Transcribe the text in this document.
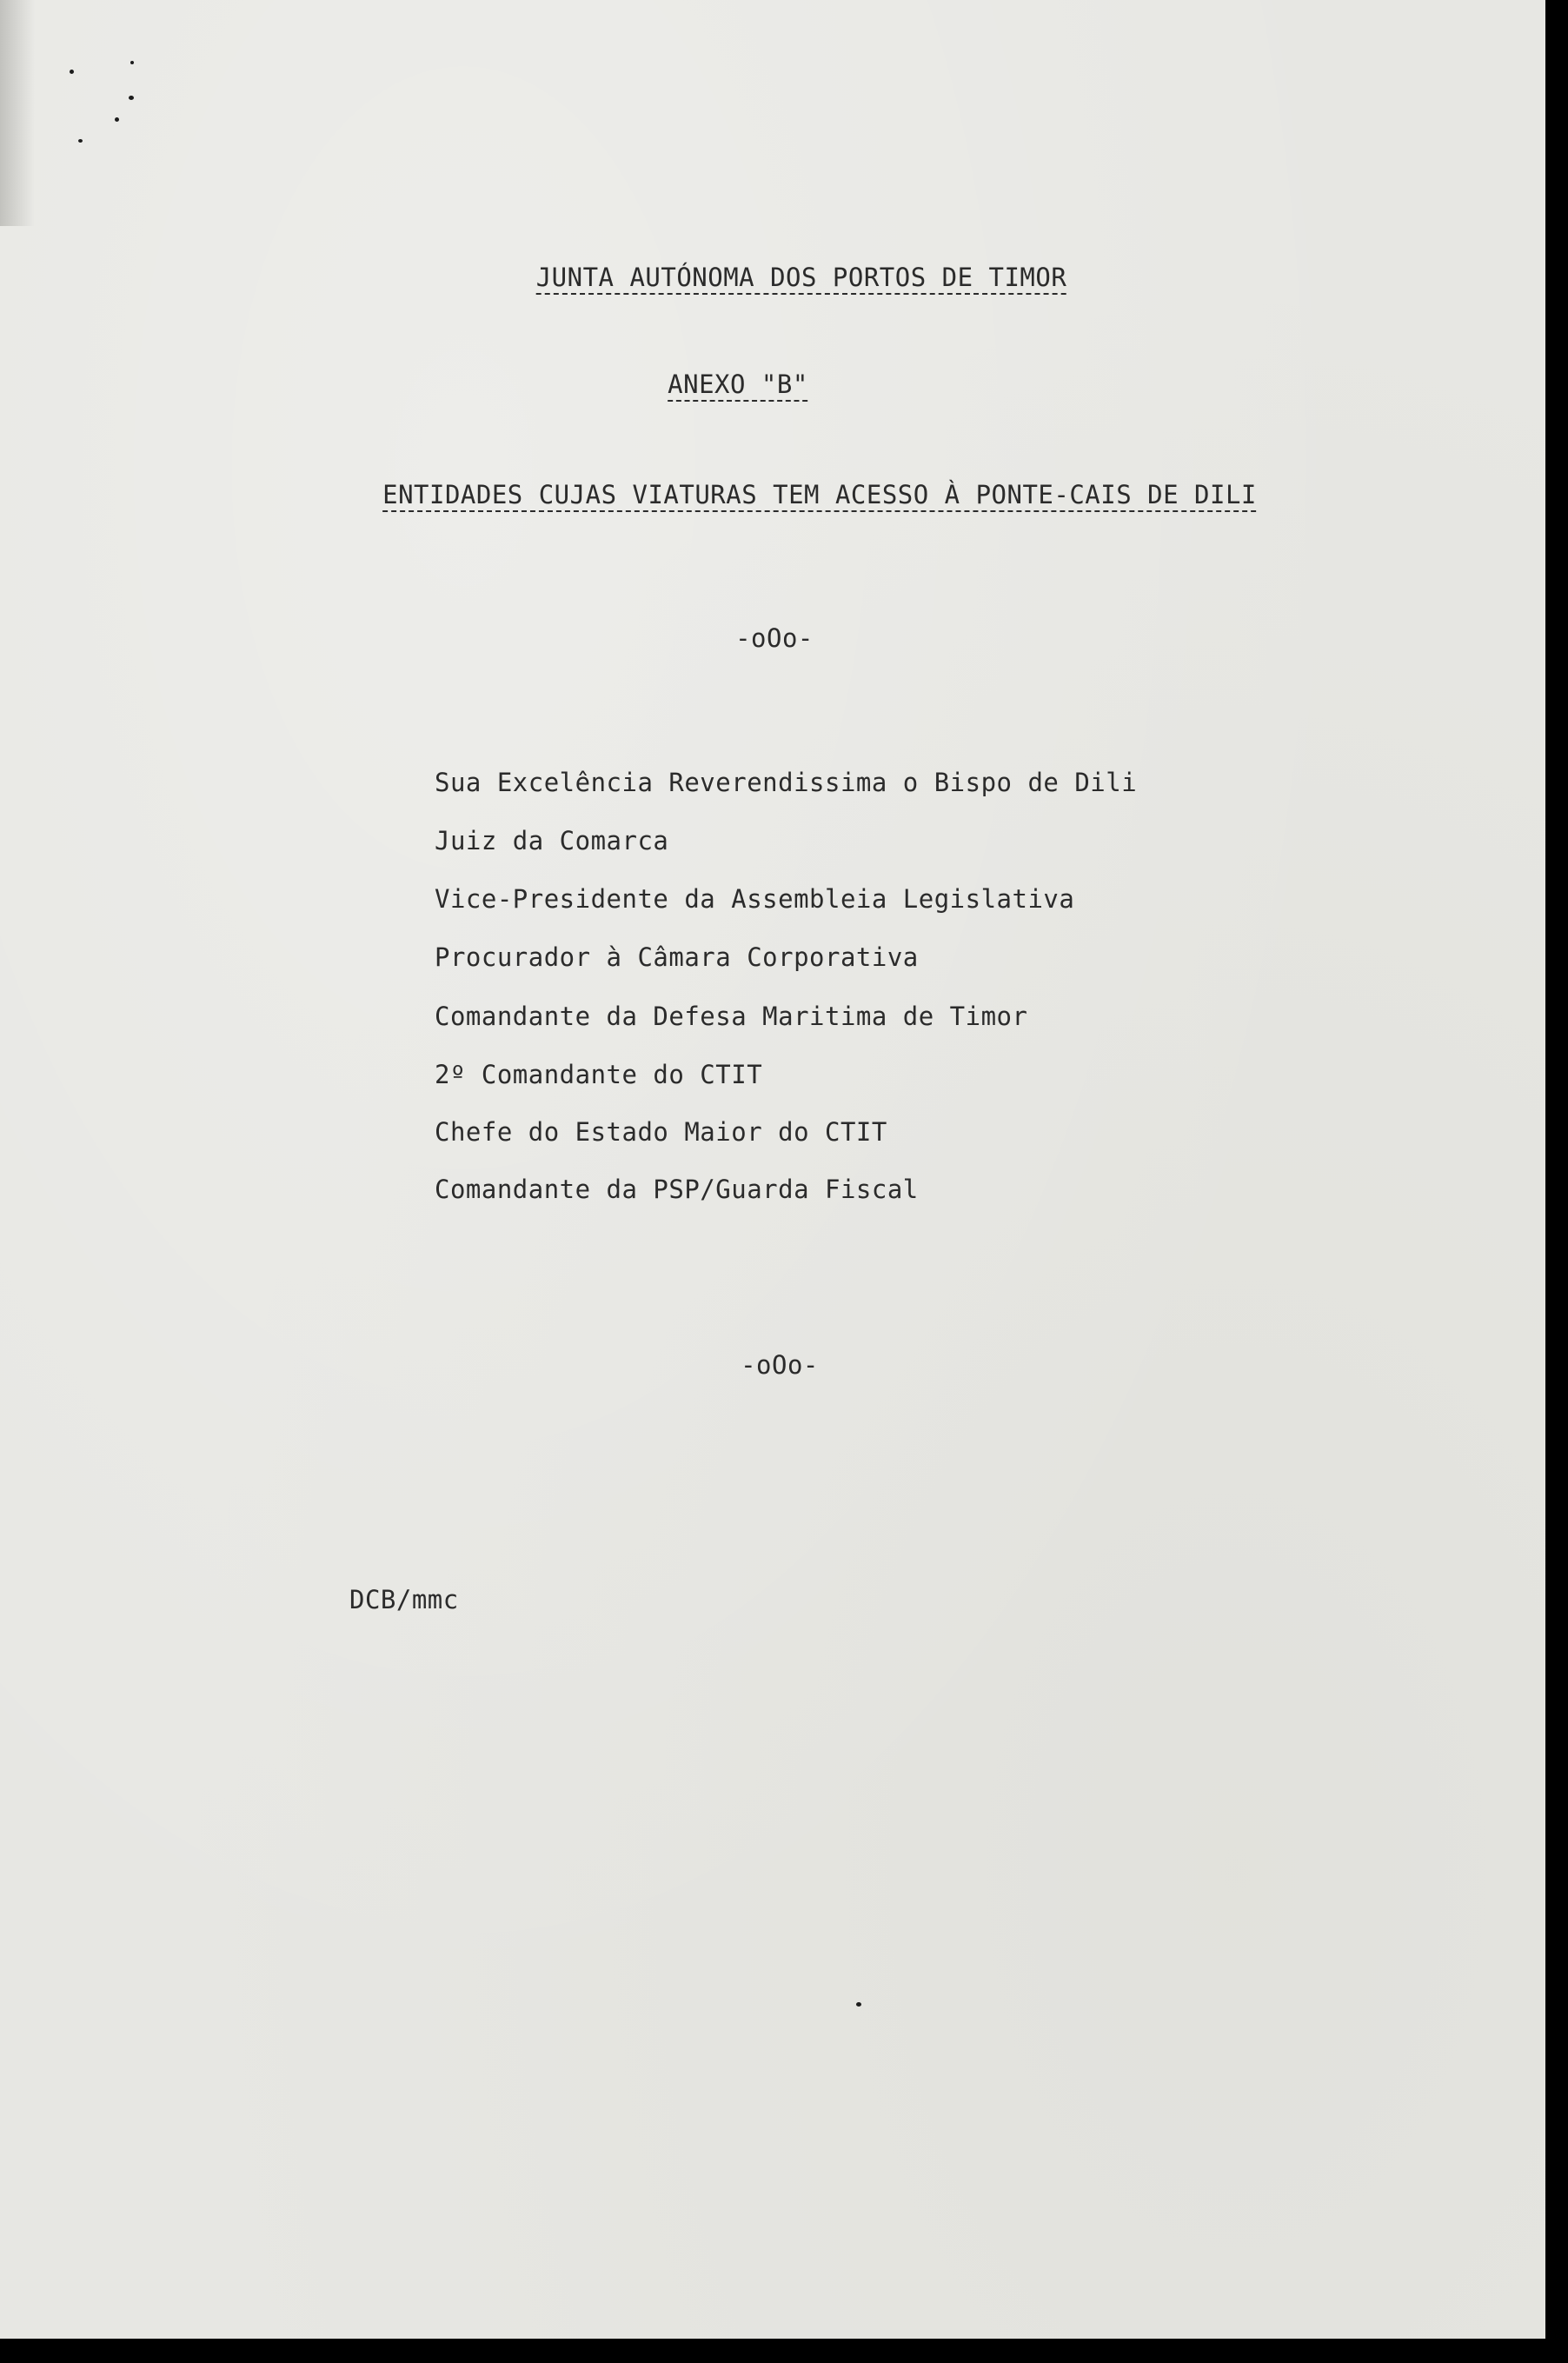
JUNTA AUTÓNOMA DOS PORTOS DE TIMOR
ANEXO "B"
ENTIDADES CUJAS VIATURAS TEM ACESSO À PONTE-CAIS DE DILI
-oOo-
Sua Excelência Reverendissima o Bispo de Dili
Juiz da Comarca
Vice-Presidente da Assembleia Legislativa
Procurador à Câmara Corporativa
Comandante da Defesa Maritima de Timor
2º Comandante do CTIT
Chefe do Estado Maior do CTIT
Comandante da PSP/Guarda Fiscal
-oOo-
DCB/mmc
